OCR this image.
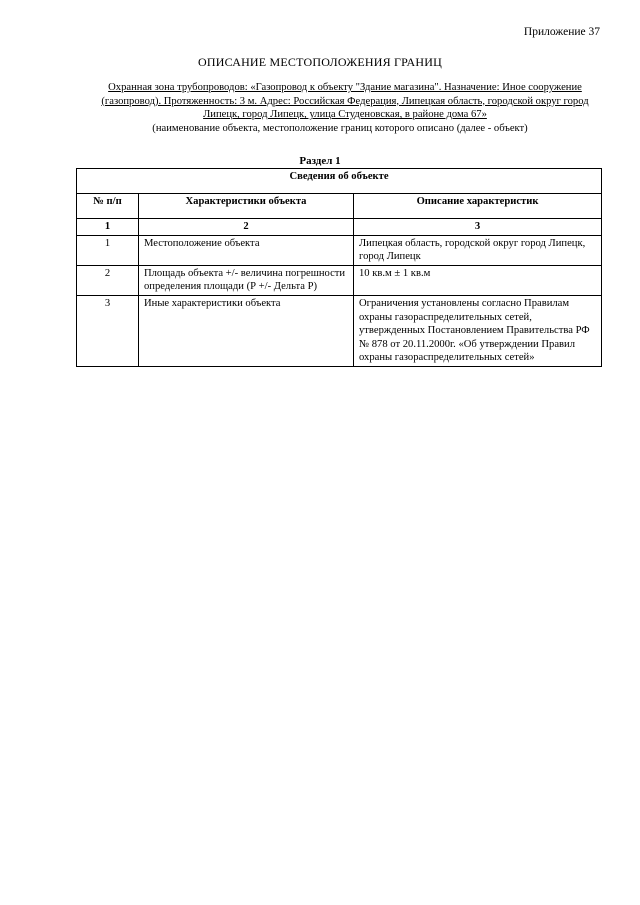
Приложение 37
ОПИСАНИЕ МЕСТОПОЛОЖЕНИЯ ГРАНИЦ
Охранная зона трубопроводов: «Газопровод к объекту "Здание магазина". Назначение: Иное сооружение (газопровод). Протяженность: 3 м. Адрес: Российская Федерация, Липецкая область, городской округ город Липецк, город Липецк, улица Студеновская, в районе дома 67»
(наименование объекта, местоположение границ которого описано (далее - объект)
Раздел 1
Сведения об объекте		
№ п/п	Характеристики объекта	Описание характеристик
1	2	3
1	Местоположение объекта	Липецкая область, городской округ город Липецк, город Липецк
2	Площадь объекта +/- величина погрешности определения площади (Р +/- Дельта Р)	10 кв.м ± 1 кв.м
3	Иные характеристики объекта	Ограничения установлены согласно Правилам охраны газораспределительных сетей, утвержденных Постановлением Правительства РФ № 878 от 20.11.2000г. «Об утверждении Правил охраны газораспределительных сетей»
